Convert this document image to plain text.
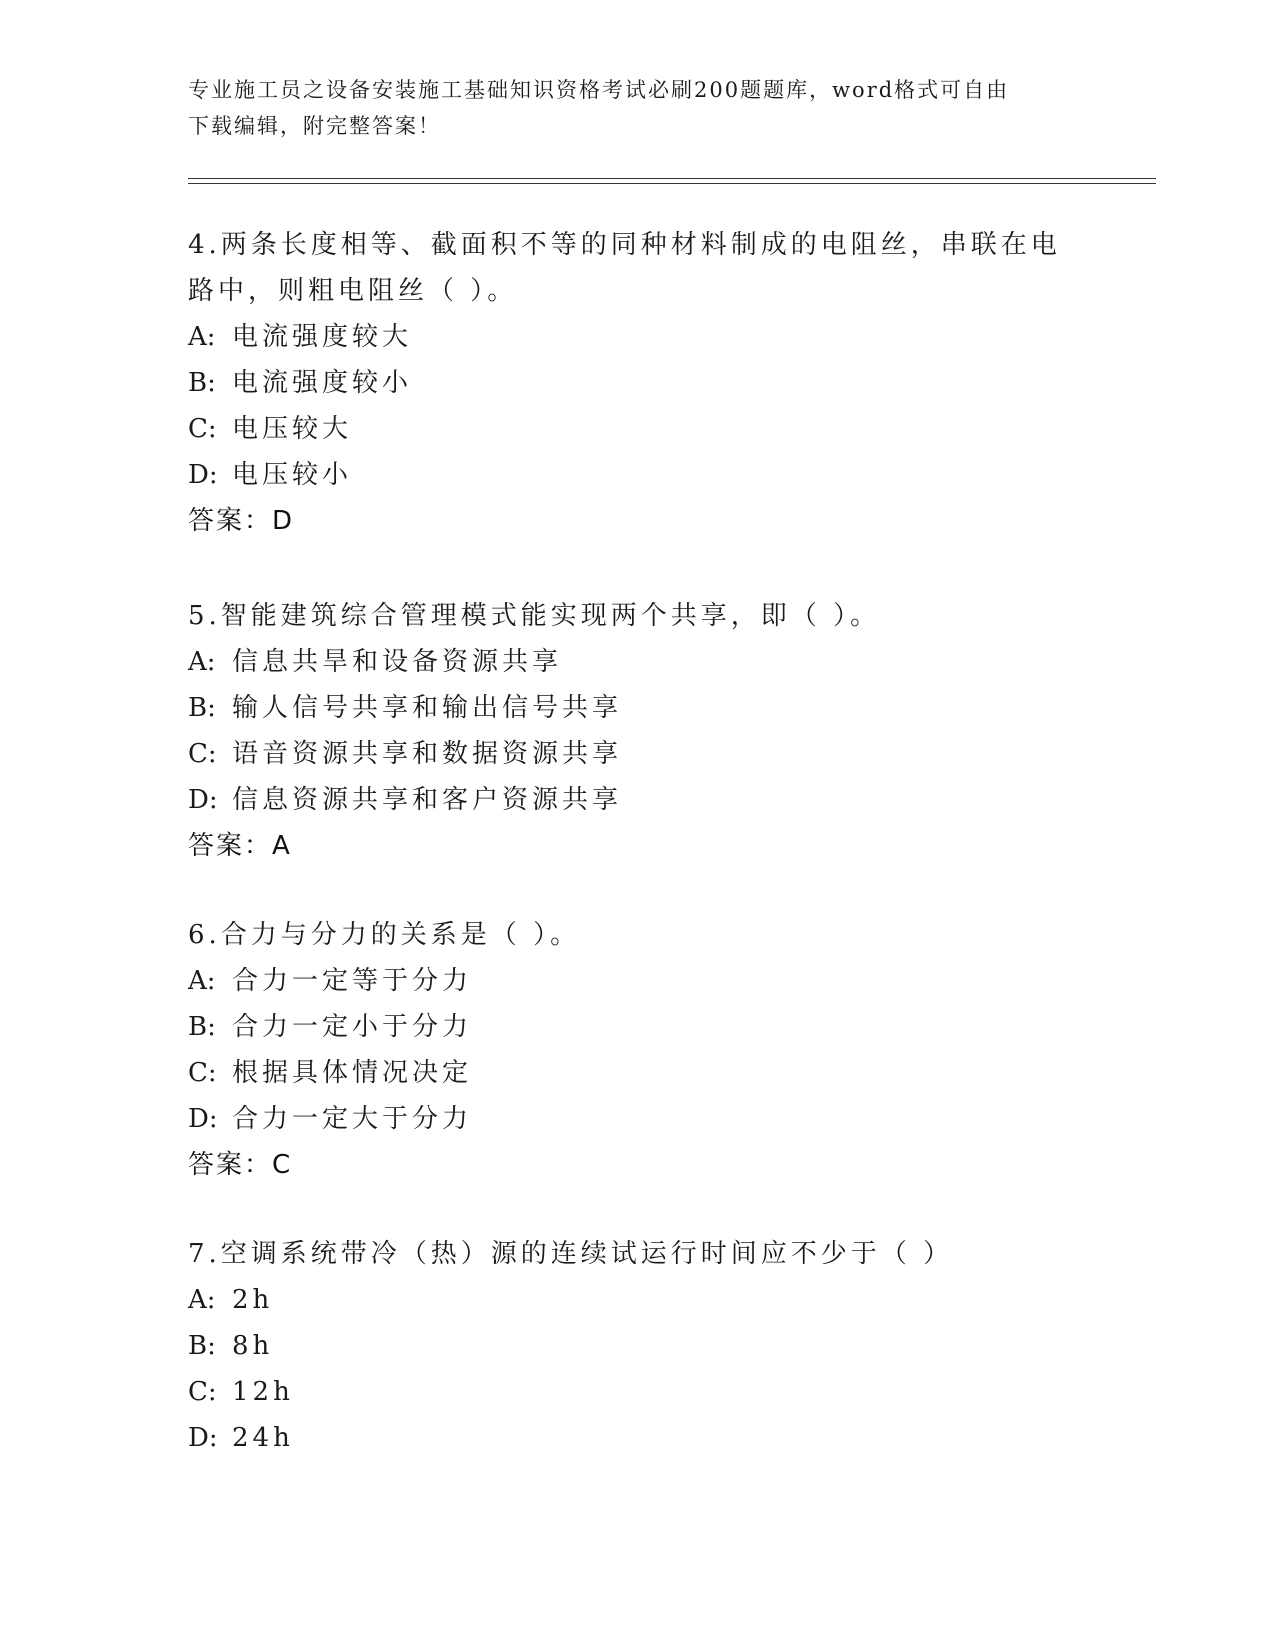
专业施工员之设备安装施工基础知识资格考试必刷200题题库，word格式可自由
下载编辑，附完整答案！

4.两条长度相等、截面积不等的同种材料制成的电阻丝，串联在电路中，则粗电阻丝（ ）。

A: 电流强度较大

B: 电流强度较小

C: 电压较大

D: 电压较小

答案：D

5.智能建筑综合管理模式能实现两个共享，即（ ）。

A: 信息共旱和设备资源共享

B: 输人信号共享和输出信号共享

C: 语音资源共享和数据资源共享

D: 信息资源共享和客户资源共享

答案：A

6.合力与分力的关系是（ ）。

A: 合力一定等于分力

B: 合力一定小于分力

C: 根据具体情况决定

D: 合力一定大于分力

答案：C

7.空调系统带冷（热）源的连续试运行时间应不少于（ ）

A: 2h

B: 8h

C: 12h

D: 24h
